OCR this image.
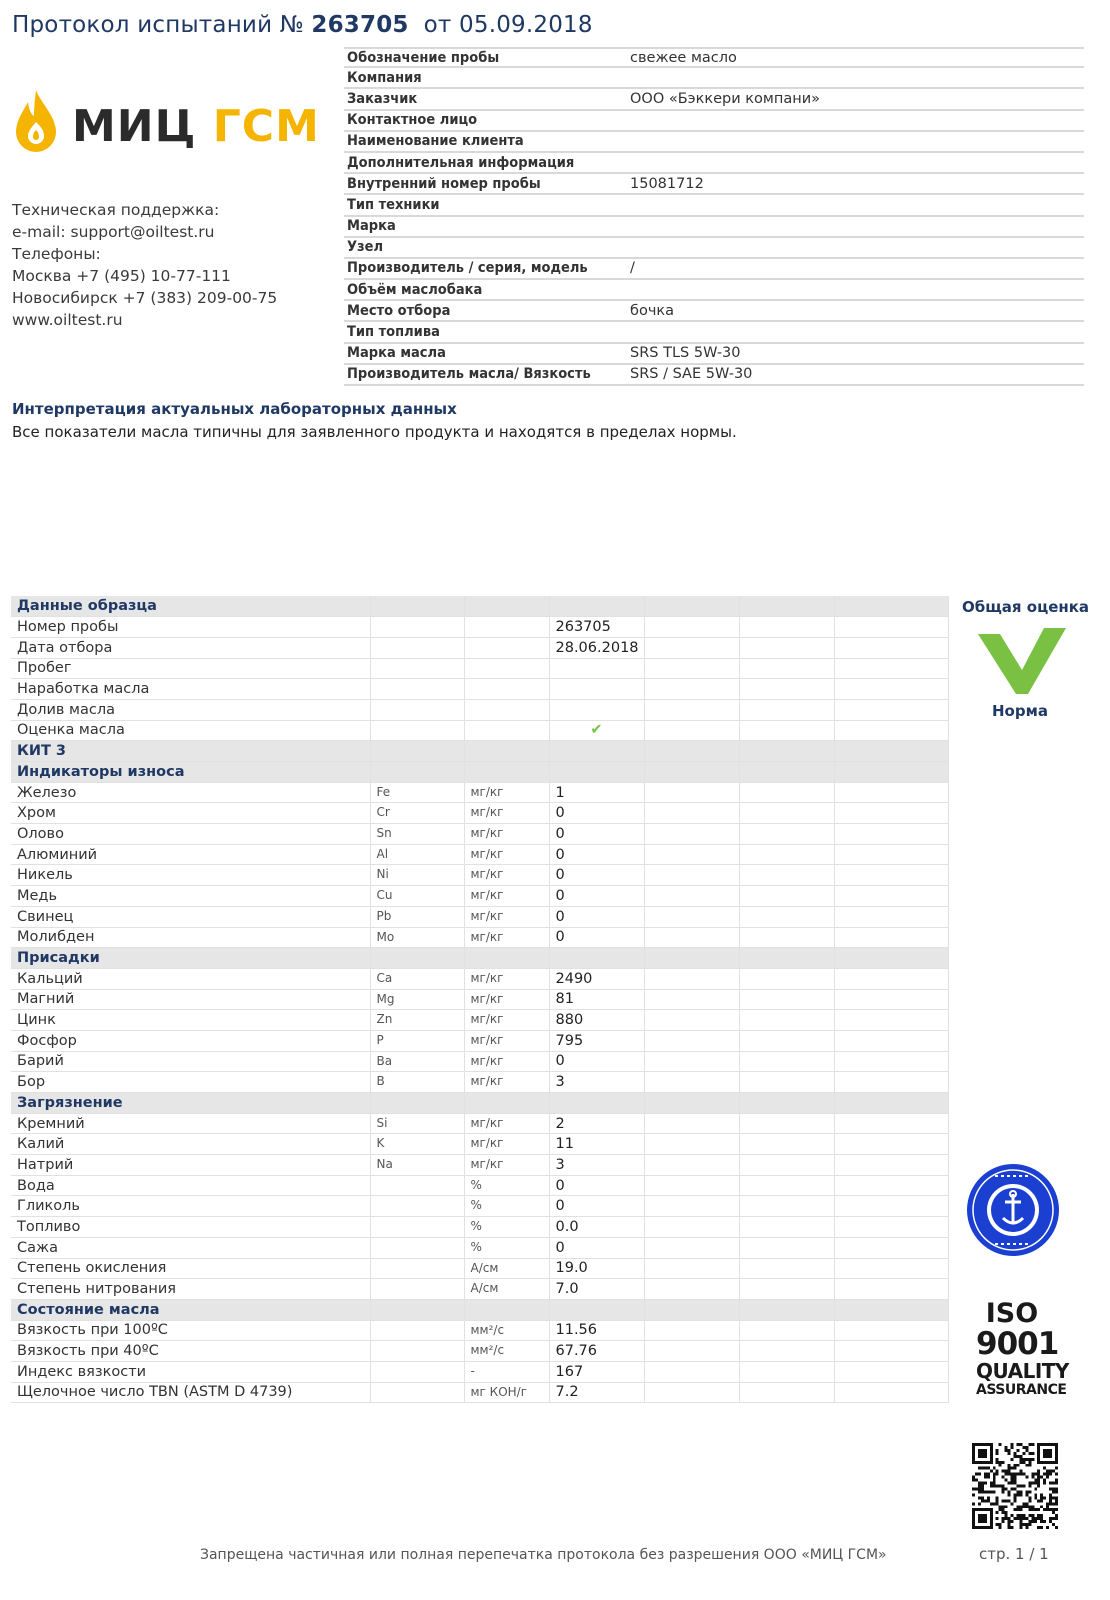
Протокол испытаний № 263705 от 05.09.2018
МИЦ ГСМ
Техническая поддержка:
e-mail: support@oiltest.ru
Телефоны:
Москва +7 (495) 10-77-111
Новосибирск +7 (383) 209-00-75
www.oiltest.ru
Обозначение пробы	свежее масло
Компания
Заказчик	ООО «Бэккери компани»
Контактное лицо
Наименование клиента
Дополнительная информация
Внутренний номер пробы	15081712
Тип техники
Марка
Узел
Производитель / серия, модель	/
Объём маслобака
Место отбора	бочка
Тип топлива
Марка масла	SRS TLS 5W-30
Производитель масла/ Вязкость	SRS / SAE 5W-30
Интерпретация актуальных лабораторных данных
Все показатели масла типичны для заявленного продукта и находятся в пределах нормы.
Данные образца						
Номер пробы			263705			
Дата отбора			28.06.2018			
Пробег						
Наработка масла						
Долив масла						
Оценка масла			✔			
КИТ 3						
Индикаторы износа						
Железо	Fe	мг/кг	1			
Хром	Cr	мг/кг	0			
Олово	Sn	мг/кг	0			
Алюминий	Al	мг/кг	0			
Никель	Ni	мг/кг	0			
Медь	Cu	мг/кг	0			
Свинец	Pb	мг/кг	0			
Молибден	Mo	мг/кг	0			
Присадки						
Кальций	Ca	мг/кг	2490			
Магний	Mg	мг/кг	81			
Цинк	Zn	мг/кг	880			
Фосфор	P	мг/кг	795			
Барий	Ba	мг/кг	0			
Бор	B	мг/кг	3			
Загрязнение						
Кремний	Si	мг/кг	2			
Калий	K	мг/кг	11			
Натрий	Na	мг/кг	3			
Вода		%	0			
Гликоль		%	0			
Топливо		%	0.0			
Сажа		%	0			
Степень окисления		A/см	19.0			
Степень нитрования		A/см	7.0			
Состояние масла						
Вязкость при 100ºС		мм²/с	11.56			
Вязкость при 40ºС		мм²/с	67.76			
Индекс вязкости		-	167			
Щелочное число TBN (ASTM D 4739)		мг КОН/г	7.2			
Общая оценка
Норма
ISO
9001
QUALITY
ASSURANCE
Запрещена частичная или полная перепечатка протокола без разрешения ООО «МИЦ ГСМ»	стр. 1 / 1
